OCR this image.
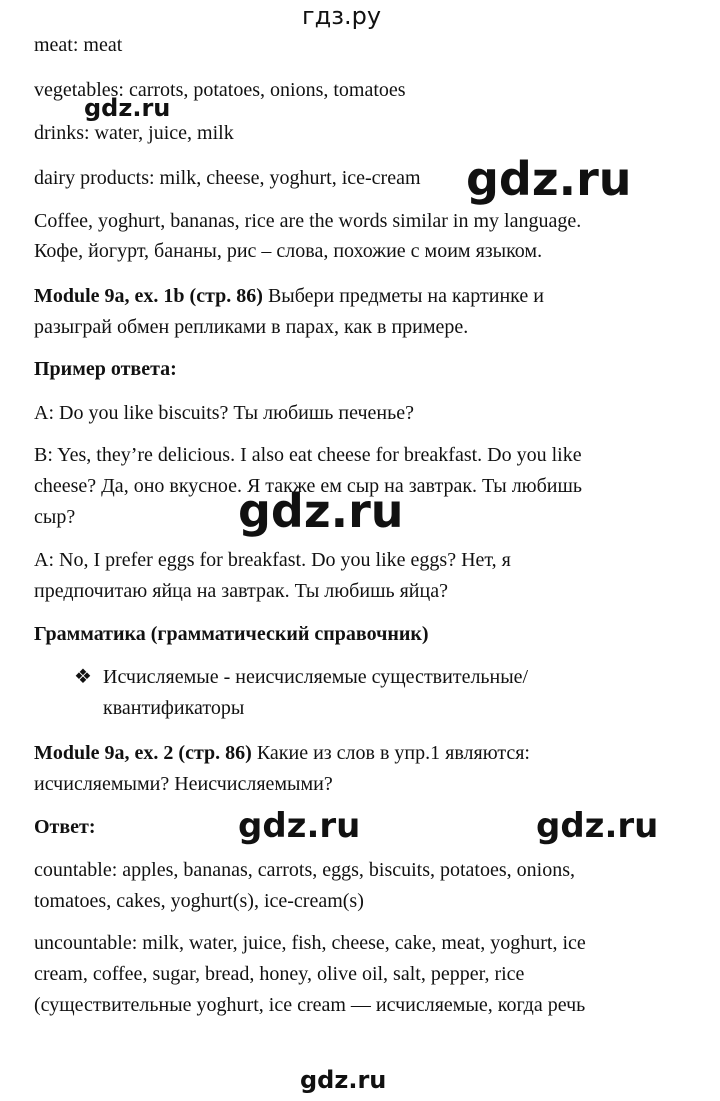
гдз.ру

meat: meat

vegetables: carrots, potatoes, onions, tomatoes

drinks: water, juice, milk

dairy products: milk, cheese, yoghurt, ice-cream

Coffee, yoghurt, bananas, rice are the words similar in my language.

Кофе, йогурт, бананы, рис – слова, похожие с моим языком.

Module 9a, ex. 1b (стр. 86) Выбери предметы на картинке и
разыграй обмен репликами в парах, как в примере.

Пример ответа:

A: Do you like biscuits? Ты любишь печенье?

B: Yes, they’re delicious. I also eat cheese for breakfast. Do you like
cheese? Да, оно вкусное. Я также ем сыр на завтрак. Ты любишь
сыр?

A: No, I prefer eggs for breakfast. Do you like eggs? Нет, я
предпочитаю яйца на завтрак. Ты любишь яйца?

Грамматика (грамматический справочник)

❖ Исчисляемые - неисчисляемые существительные/
квантификаторы

Module 9a, ex. 2 (стр. 86) Какие из слов в упр.1 являются:
исчисляемыми? Неисчисляемыми?

Ответ:

countable: apples, bananas, carrots, eggs, biscuits, potatoes, onions,
tomatoes, cakes, yoghurt(s), ice-cream(s)

uncountable: milk, water, juice, fish, cheese, cake, meat, yoghurt, ice
cream, coffee, sugar, bread, honey, olive oil, salt, pepper, rice
(существительные yoghurt, ice cream — исчисляемые, когда речь

gdz.ru
gdz.ru
gdz.ru
gdz.ru	gdz.ru
gdz.ru
